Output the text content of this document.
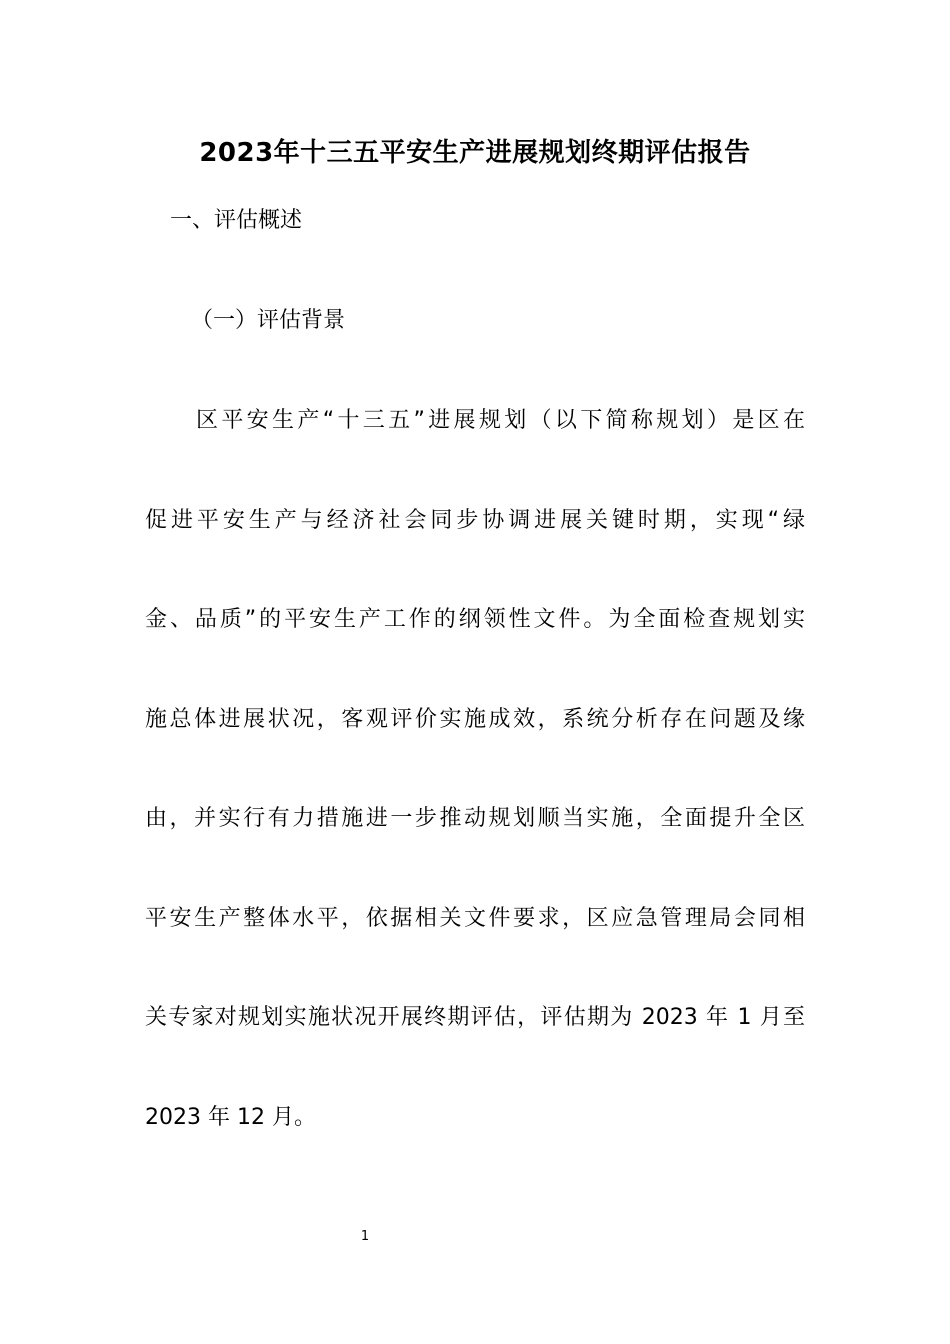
2023年十三五平安生产进展规划终期评估报告
一、评估概述
（一）评估背景
区平安生产“十三五”进展规划（以下简称规划）是区在
促进平安生产与经济社会同步协调进展关键时期，实现“绿
金、品质”的平安生产工作的纲领性文件。为全面检查规划实
施总体进展状况，客观评价实施成效，系统分析存在问题及缘
由，并实行有力措施进一步推动规划顺当实施，全面提升全区
平安生产整体水平，依据相关文件要求，区应急管理局会同相
关专家对规划实施状况开展终期评估，评估期为 2023 年 1 月至
2023 年 12 月。
1
